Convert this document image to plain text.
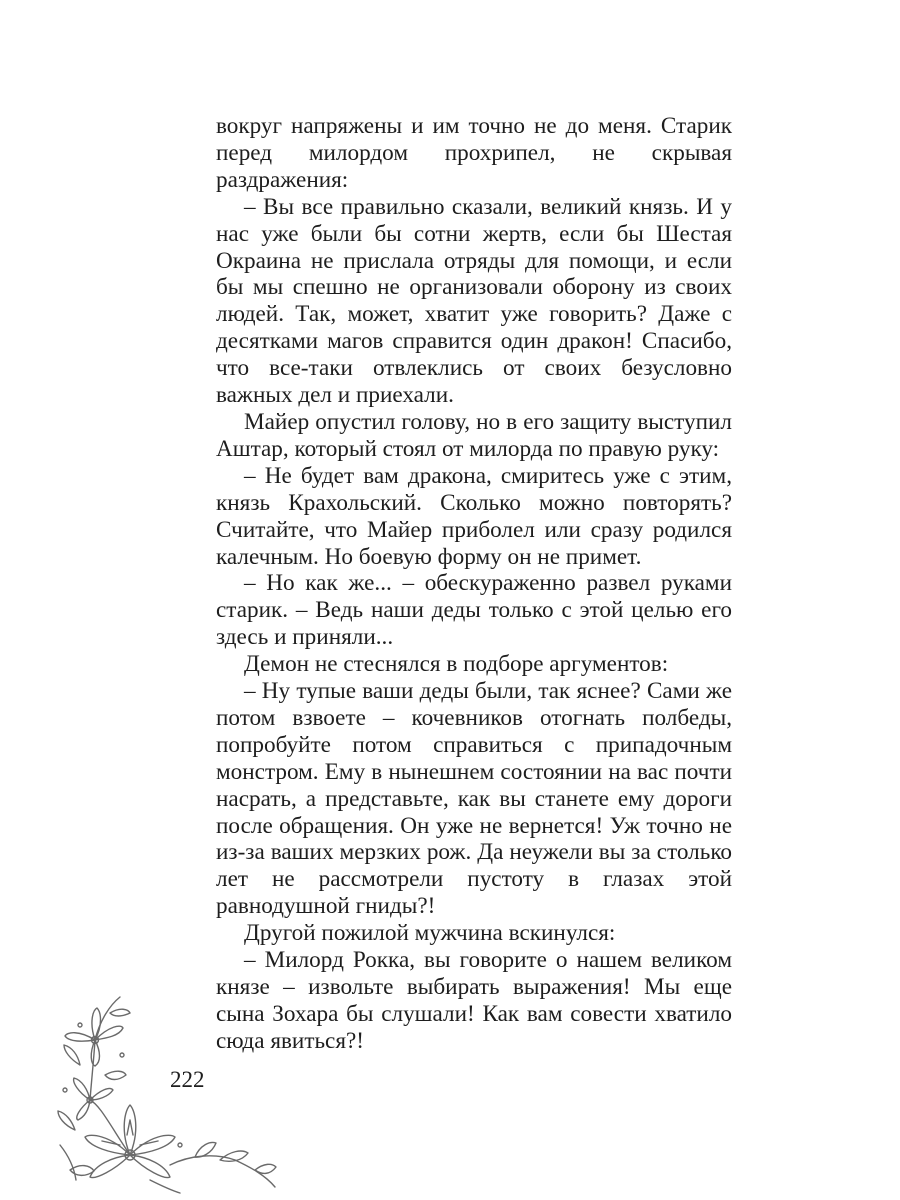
вокруг напряжены и им точно не до меня. Старик перед милордом прохрипел, не скрывая раздражения:

– Вы все правильно сказали, великий князь. И у нас уже были бы сотни жертв, если бы Шестая Окраина не прислала отряды для помощи, и если бы мы спешно не организовали оборону из своих людей. Так, может, хватит уже говорить? Даже с десятками магов справится один дракон! Спасибо, что все-таки отвлеклись от своих безусловно важных дел и приехали.

Майер опустил голову, но в его защиту выступил Аштар, который стоял от милорда по правую руку:

– Не будет вам дракона, смиритесь уже с этим, князь Крахольский. Сколько можно повторять? Считайте, что Майер приболел или сразу родился калечным. Но боевую форму он не примет.

– Но как же... – обескураженно развел руками старик. – Ведь наши деды только с этой целью его здесь и приняли...

Демон не стеснялся в подборе аргументов:

– Ну тупые ваши деды были, так яснее? Сами же потом взвоете – кочевников отогнать полбеды, попробуйте потом справиться с припадочным монстром. Ему в нынешнем состоянии на вас почти насрать, а представьте, как вы станете ему дороги после обращения. Он уже не вернется! Уж точно не из-за ваших мерзких рож. Да неужели вы за столько лет не рассмотрели пустоту в глазах этой равнодушной гниды?!

Другой пожилой мужчина вскинулся:

– Милорд Рокка, вы говорите о нашем великом князе – извольте выбирать выражения! Мы еще сына Зохара бы слушали! Как вам совести хватило сюда явиться?!

222
